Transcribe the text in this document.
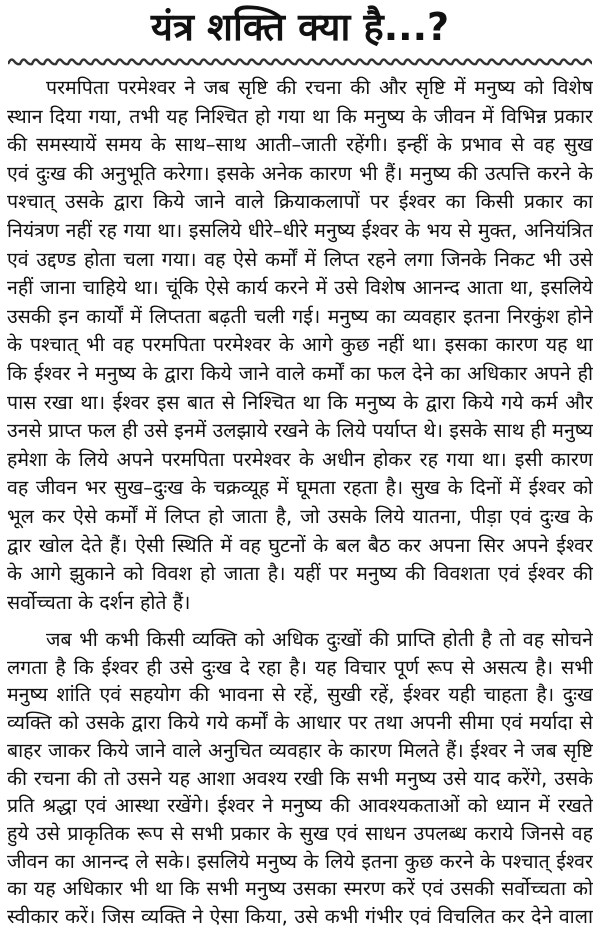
यंत्र शक्ति क्या है...?
परमपिता परमेश्वर ने जब सृष्टि की रचना की और सृष्टि में मनुष्य को विशेष
स्थान दिया गया, तभी यह निश्चित हो गया था कि मनुष्य के जीवन में विभिन्न प्रकार
की समस्यायें समय के साथ–साथ आती–जाती रहेंगी। इन्हीं के प्रभाव से वह सुख
एवं दुःख की अनुभूति करेगा। इसके अनेक कारण भी हैं। मनुष्य की उत्पत्ति करने के
पश्चात् उसके द्वारा किये जाने वाले क्रियाकलापों पर ईश्वर का किसी प्रकार का
नियंत्रण नहीं रह गया था। इसलिये धीरे–धीरे मनुष्य ईश्वर के भय से मुक्त, अनियंत्रित
एवं उद्दण्ड होता चला गया। वह ऐसे कर्मों में लिप्त रहने लगा जिनके निकट भी उसे
नहीं जाना चाहिये था। चूंकि ऐसे कार्य करने में उसे विशेष आनन्द आता था, इसलिये
उसकी इन कार्यों में लिप्तता बढ़ती चली गई। मनुष्य का व्यवहार इतना निरकुंश होने
के पश्चात् भी वह परमपिता परमेश्वर के आगे कुछ नहीं था। इसका कारण यह था
कि ईश्वर ने मनुष्य के द्वारा किये जाने वाले कर्मों का फल देने का अधिकार अपने ही
पास रखा था। ईश्वर इस बात से निश्चित था कि मनुष्य के द्वारा किये गये कर्म और
उनसे प्राप्त फल ही उसे इनमें उलझाये रखने के लिये पर्याप्त थे। इसके साथ ही मनुष्य
हमेशा के लिये अपने परमपिता परमेश्वर के अधीन होकर रह गया था। इसी कारण
वह जीवन भर सुख–दुःख के चक्रव्यूह में घूमता रहता है। सुख के दिनों में ईश्वर को
भूल कर ऐसे कर्मों में लिप्त हो जाता है, जो उसके लिये यातना, पीड़ा एवं दुःख के
द्वार खोल देते हैं। ऐसी स्थिति में वह घुटनों के बल बैठ कर अपना सिर अपने ईश्वर
के आगे झुकाने को विवश हो जाता है। यहीं पर मनुष्य की विवशता एवं ईश्वर की
सर्वोच्चता के दर्शन होते हैं।
जब भी कभी किसी व्यक्ति को अधिक दुःखों की प्राप्ति होती है तो वह सोचने
लगता है कि ईश्वर ही उसे दुःख दे रहा है। यह विचार पूर्ण रूप से असत्य है। सभी
मनुष्य शांति एवं सहयोग की भावना से रहें, सुखी रहें, ईश्वर यही चाहता है। दुःख
व्यक्ति को उसके द्वारा किये गये कर्मों के आधार पर तथा अपनी सीमा एवं मर्यादा से
बाहर जाकर किये जाने वाले अनुचित व्यवहार के कारण मिलते हैं। ईश्वर ने जब सृष्टि
की रचना की तो उसने यह आशा अवश्य रखी कि सभी मनुष्य उसे याद करेंगे, उसके
प्रति श्रद्धा एवं आस्था रखेंगे। ईश्वर ने मनुष्य की आवश्यकताओं को ध्यान में रखते
हुये उसे प्राकृतिक रूप से सभी प्रकार के सुख एवं साधन उपलब्ध कराये जिनसे वह
जीवन का आनन्द ले सके। इसलिये मनुष्य के लिये इतना कुछ करने के पश्चात् ईश्वर
का यह अधिकार भी था कि सभी मनुष्य उसका स्मरण करें एवं उसकी सर्वोच्चता को
स्वीकार करें। जिस व्यक्ति ने ऐसा किया, उसे कभी गंभीर एवं विचलित कर देने वाला
